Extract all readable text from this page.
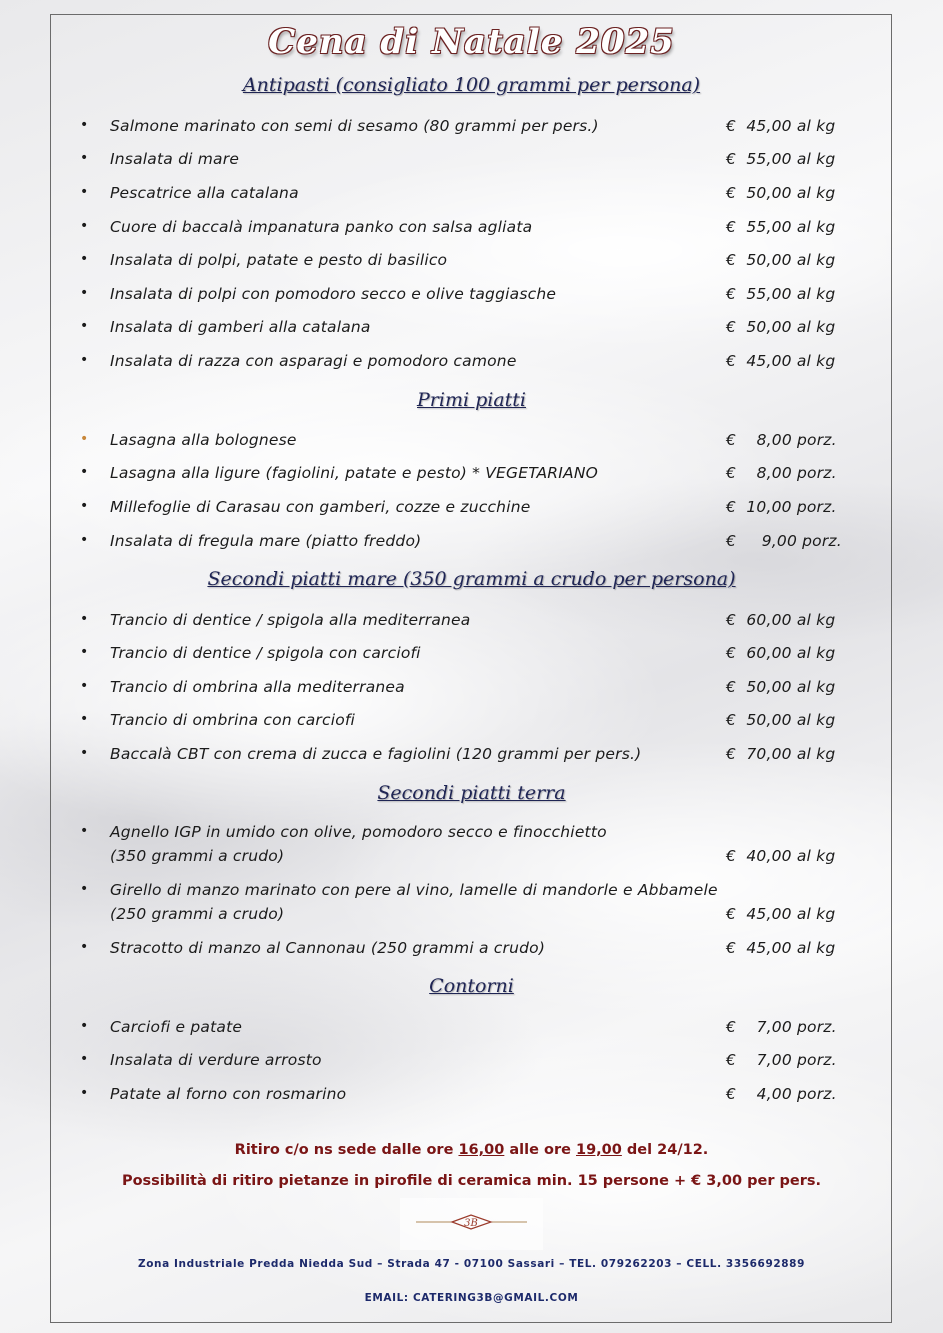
Cena di Natale 2025
Antipasti (consigliato 100 grammi per persona)
• Salmone marinato con semi di sesamo (80 grammi per pers.)	€  45,00 al kg
• Insalata di mare	€  55,00 al kg
• Pescatrice alla catalana	€  50,00 al kg
• Cuore di baccalà impanatura panko con salsa agliata	€  55,00 al kg
• Insalata di polpi, patate e pesto di basilico	€  50,00 al kg
• Insalata di polpi con pomodoro secco e olive taggiasche	€  55,00 al kg
• Insalata di gamberi alla catalana	€  50,00 al kg
• Insalata di razza con asparagi e pomodoro camone	€  45,00 al kg
Primi piatti
• Lasagna alla bolognese	€    8,00 porz.
• Lasagna alla ligure (fagiolini, patate e pesto) * VEGETARIANO	€    8,00 porz.
• Millefoglie di Carasau con gamberi, cozze e zucchine	€  10,00 porz.
• Insalata di fregula mare (piatto freddo)	€     9,00 porz.
Secondi piatti mare (350 grammi a crudo per persona)
• Trancio di dentice / spigola alla mediterranea	€  60,00 al kg
• Trancio di dentice / spigola con carciofi	€  60,00 al kg
• Trancio di ombrina alla mediterranea	€  50,00 al kg
• Trancio di ombrina con carciofi	€  50,00 al kg
• Baccalà CBT con crema di zucca e fagiolini (120 grammi per pers.)	€  70,00 al kg
Secondi piatti terra
• Agnello IGP in umido con olive, pomodoro secco e finocchietto
(350 grammi a crudo)	€  40,00 al kg
• Girello di manzo marinato con pere al vino, lamelle di mandorle e Abbamele
(250 grammi a crudo)	€  45,00 al kg
• Stracotto di manzo al Cannonau (250 grammi a crudo)	€  45,00 al kg
Contorni
• Carciofi e patate	€    7,00 porz.
• Insalata di verdure arrosto	€    7,00 porz.
• Patate al forno con rosmarino	€    4,00 porz.
Ritiro c/o ns sede dalle ore 16,00 alle ore 19,00 del 24/12.
Possibilità di ritiro pietanze in pirofile di ceramica min. 15 persone + € 3,00 per pers.
3B
Zona Industriale Predda Niedda Sud – Strada 47 - 07100 Sassari – TEL. 079262203 – CELL. 3356692889
EMAIL: CATERING3B@GMAIL.COM
